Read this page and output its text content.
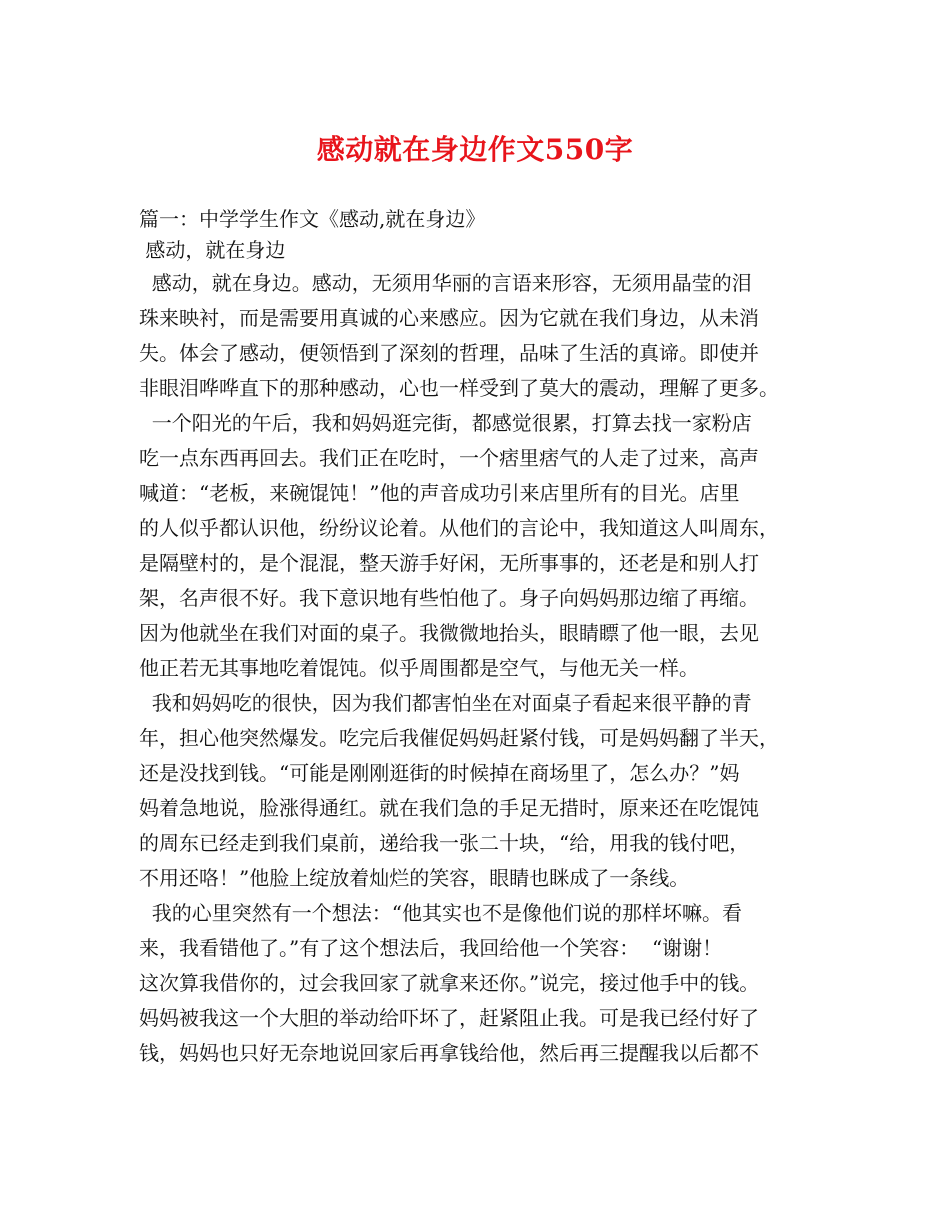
感动就在身边作文550字
篇一：中学学生作文《感动,就在身边》
感动，就在身边
感动，就在身边。感动，无须用华丽的言语来形容，无须用晶莹的泪
珠来映衬，而是需要用真诚的心来感应。因为它就在我们身边，从未消
失。体会了感动，便领悟到了深刻的哲理，品味了生活的真谛。即使并
非眼泪哗哗直下的那种感动，心也一样受到了莫大的震动，理解了更多。
一个阳光的午后，我和妈妈逛完街，都感觉很累，打算去找一家粉店
吃一点东西再回去。我们正在吃时，一个痞里痞气的人走了过来，高声
喊道：“老板，来碗馄饨！”他的声音成功引来店里所有的目光。店里
的人似乎都认识他，纷纷议论着。从他们的言论中，我知道这人叫周东，
是隔壁村的，是个混混，整天游手好闲，无所事事的，还老是和别人打
架，名声很不好。我下意识地有些怕他了。身子向妈妈那边缩了再缩。
因为他就坐在我们对面的桌子。我微微地抬头，眼睛瞟了他一眼，去见
他正若无其事地吃着馄饨。似乎周围都是空气，与他无关一样。
我和妈妈吃的很快，因为我们都害怕坐在对面桌子看起来很平静的青
年，担心他突然爆发。吃完后我催促妈妈赶紧付钱，可是妈妈翻了半天，
还是没找到钱。“可能是刚刚逛街的时候掉在商场里了，怎么办？”妈
妈着急地说，脸涨得通红。就在我们急的手足无措时，原来还在吃馄饨
的周东已经走到我们桌前，递给我一张二十块，“给，用我的钱付吧，
不用还咯！”他脸上绽放着灿烂的笑容，眼睛也眯成了一条线。
我的心里突然有一个想法：“他其实也不是像他们说的那样坏嘛。看
来，我看错他了。”有了这个想法后，我回给他一个笑容：  “谢谢！
这次算我借你的，过会我回家了就拿来还你。”说完，接过他手中的钱。
妈妈被我这一个大胆的举动给吓坏了，赶紧阻止我。可是我已经付好了
钱，妈妈也只好无奈地说回家后再拿钱给他，然后再三提醒我以后都不
